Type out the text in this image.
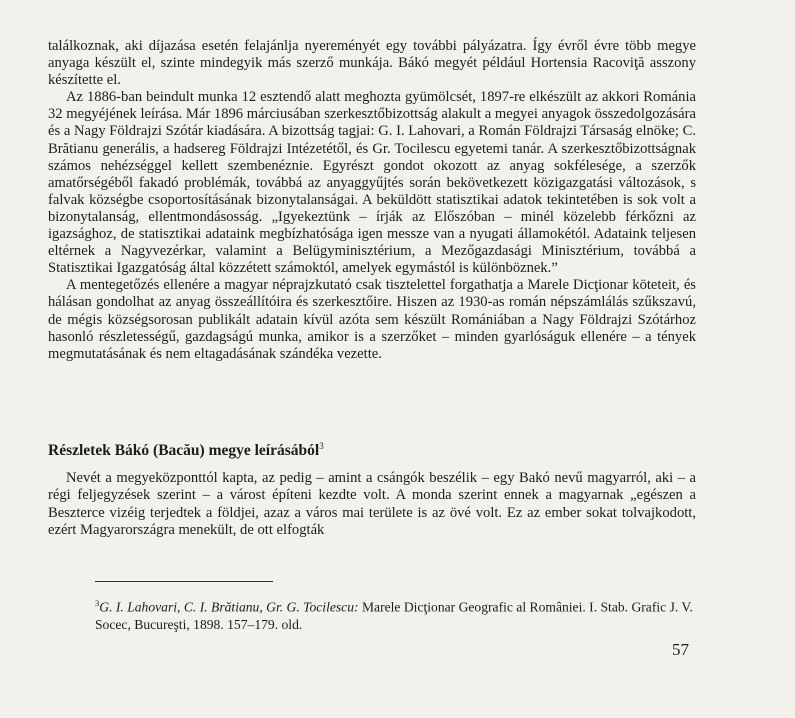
találkoznak, aki díjazása esetén felajánlja nyereményét egy további pályázatra. Így évről évre több megye anyaga készült el, szinte mindegyik más szerző munkája. Bákó megyét például Hortensia Racoviţă asszony készítette el.

Az 1886-ban beindult munka 12 esztendő alatt meghozta gyümölcsét, 1897-re elkészült az akkori Románia 32 megyéjének leírása. Már 1896 márciusában szerkesztőbizottság alakult a megyei anyagok összedolgozására és a Nagy Földrajzi Szótár kiadására. A bizottság tagjai: G. I. Lahovari, a Román Földrajzi Társaság elnöke; C. Brătianu generális, a hadsereg Földrajzi Intézetétől, és Gr. Tocilescu egyetemi tanár. A szerkesztőbizottságnak számos nehézséggel kellett szembenéznie. Egyrészt gondot okozott az anyag sokfélesége, a szerzők amatőrségéből fakadó problémák, továbbá az anyaggyűjtés során bekövetkezett közigazgatási változások, s falvak községbe csoportosításának bizonytalanságai. A beküldött statisztikai adatok tekintetében is sok volt a bizonytalanság, ellentmondásosság. „Igyekeztünk – írják az Előszóban – minél közelebb férkőzni az igazsághoz, de statisztikai adataink megbízhatósága igen messze van a nyugati államokétól. Adataink teljesen eltérnek a Nagyvezérkar, valamint a Belügyminisztérium, a Mezőgazdasági Minisztérium, továbbá a Statisztikai Igazgatóság által közzétett számoktól, amelyek egymástól is különböznek.”

A mentegetőzés ellenére a magyar néprajzkutató csak tisztelettel forgathatja a Marele Dicţionar köteteit, és hálásan gondolhat az anyag összeállítóira és szerkesztőire. Hiszen az 1930-as román népszámlálás szűkszavú, de mégis községsorosan publikált adatain kívül azóta sem készült Romániában a Nagy Földrajzi Szótárhoz hasonló részletességű, gazdagságú munka, amikor is a szerzőket – minden gyarlóságuk ellenére – a tények megmutatásának és nem eltagadásának szándéka vezette.

Részletek Bákó (Bacău) megye leírásából$^3$

Nevét a megyeközponttól kapta, az pedig – amint a csángók beszélik – egy Bakó nevű magyarról, aki – a régi feljegyzések szerint – a várost építeni kezdte volt. A monda szerint ennek a magyarnak „egészen a Beszterce vizéig terjedtek a földjei, azaz a város mai területe is az övé volt. Ez az ember sokat tolvajkodott, ezért Magyarországra menekült, de ott elfogták

$^3$G. I. Lahovari, C. I. Brătianu, Gr. G. Tocilescu: Marele Dicţionar Geografic al României. I. Stab. Grafic J. V. Socec, Bucureşti, 1898. 157–179. old.

57
